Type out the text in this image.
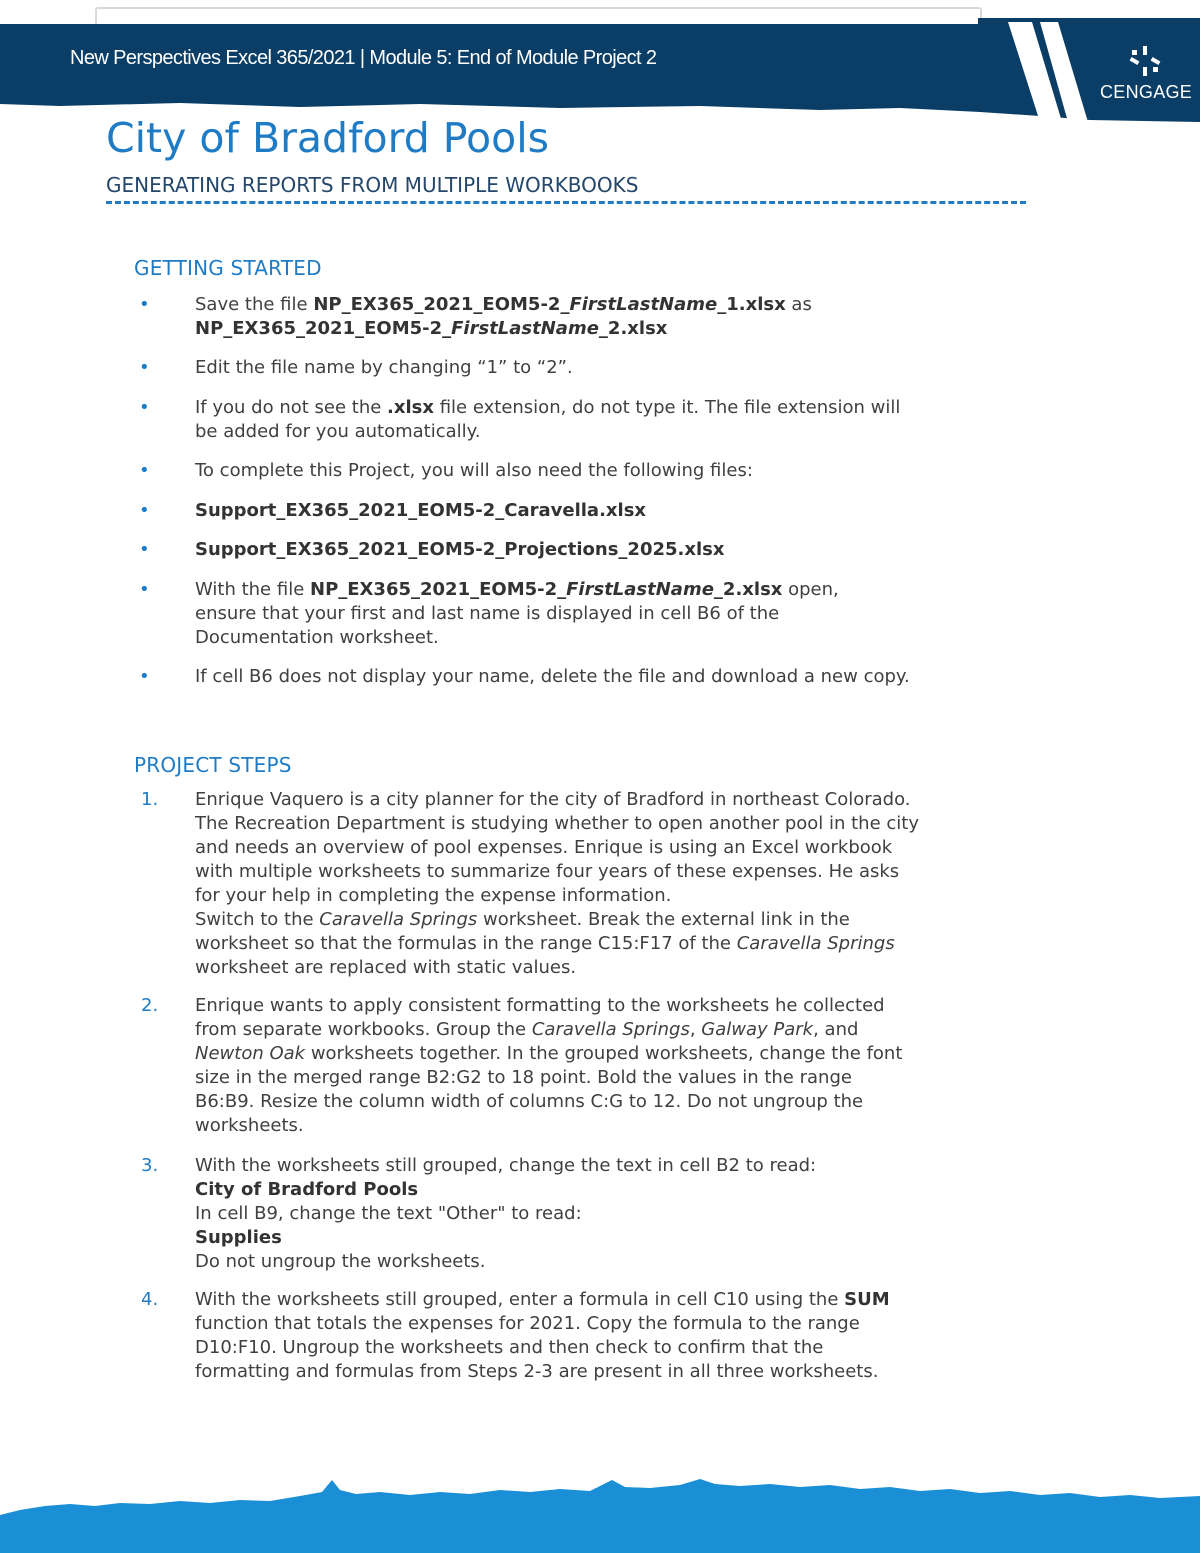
New Perspectives Excel 365/2021 | Module 5: End of Module Project 2
CENGAGE
City of Bradford Pools
GENERATING REPORTS FROM MULTIPLE WORKBOOKS
GETTING STARTED
•	Save the file NP_EX365_2021_EOM5-2_FirstLastName_1.xlsx as
NP_EX365_2021_EOM5-2_FirstLastName_2.xlsx
•	Edit the file name by changing “1” to “2”.
•	If you do not see the .xlsx file extension, do not type it. The file extension will
be added for you automatically.
•	To complete this Project, you will also need the following files:
•	Support_EX365_2021_EOM5-2_Caravella.xlsx
•	Support_EX365_2021_EOM5-2_Projections_2025.xlsx
•	With the file NP_EX365_2021_EOM5-2_FirstLastName_2.xlsx open,
ensure that your first and last name is displayed in cell B6 of the
Documentation worksheet.
•	If cell B6 does not display your name, delete the file and download a new copy.
PROJECT STEPS
1. Enrique Vaquero is a city planner for the city of Bradford in northeast Colorado.
The Recreation Department is studying whether to open another pool in the city
and needs an overview of pool expenses. Enrique is using an Excel workbook
with multiple worksheets to summarize four years of these expenses. He asks
for your help in completing the expense information.
Switch to the Caravella Springs worksheet. Break the external link in the
worksheet so that the formulas in the range C15:F17 of the Caravella Springs
worksheet are replaced with static values.
2. Enrique wants to apply consistent formatting to the worksheets he collected
from separate workbooks. Group the Caravella Springs, Galway Park, and
Newton Oak worksheets together. In the grouped worksheets, change the font
size in the merged range B2:G2 to 18 point. Bold the values in the range
B6:B9. Resize the column width of columns C:G to 12. Do not ungroup the
worksheets.
3. With the worksheets still grouped, change the text in cell B2 to read:
City of Bradford Pools
In cell B9, change the text "Other" to read:
Supplies
Do not ungroup the worksheets.
4. With the worksheets still grouped, enter a formula in cell C10 using the SUM
function that totals the expenses for 2021. Copy the formula to the range
D10:F10. Ungroup the worksheets and then check to confirm that the
formatting and formulas from Steps 2-3 are present in all three worksheets.
